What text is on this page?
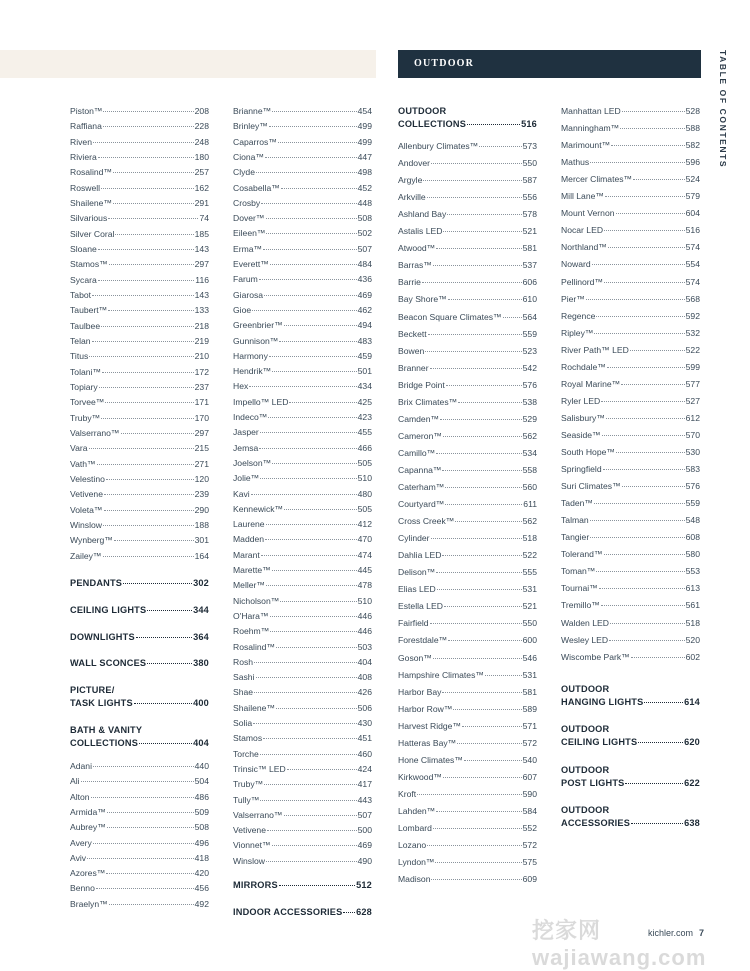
OUTDOOR	TABLE OF CONTENTS
Piston™	208
Raffiana	228
Riven	248
Riviera	180
Rosalind™	257
Roswell	162
Shailene™	291
Silvarious	74
Silver Coral	185
Sloane	143
Stamos™	297
Sycara	116
Tabot	143
Taubert™	133
Taulbee	218
Telan	219
Titus	210
Tolani™	172
Topiary	237
Torvee™	171
Truby™	170
Valserrano™	297
Vara	215
Vath™	271
Velestino	120
Vetivene	239
Voleta™	290
Winslow	188
Wynberg™	301
Zailey™	164
PENDANTS	302
CEILING LIGHTS	344
DOWNLIGHTS	364
WALL SCONCES	380
PICTURE/
TASK LIGHTS	400
BATH & VANITY
COLLECTIONS	404
Adani	440
Ali	504
Alton	486
Armida™	509
Aubrey™	508
Avery	496
Aviv	418
Azores™	420
Benno	456
Braelyn™	492
Brianne™	454
Brinley™	499
Caparros™	499
Ciona™	447
Clyde	498
Cosabella™	452
Crosby	448
Dover™	508
Eileen™	502
Erma™	507
Everett™	484
Farum	436
Giarosa	469
Gioe	462
Greenbrier™	494
Gunnison™	483
Harmony	459
Hendrik™	501
Hex	434
Impello™ LED	425
Indeco™	423
Jasper	455
Jemsa	466
Joelson™	505
Jolie™	510
Kavi	480
Kennewick™	505
Laurene	412
Madden	470
Marant	474
Marette™	445
Meller™	478
Nicholson™	510
O'Hara™	446
Roehm™	446
Rosalind™	503
Rosh	404
Sashi	408
Shae	426
Shailene™	506
Solia	430
Stamos	451
Torche	460
Trinsic™ LED	424
Truby™	417
Tully™	443
Valserrano™	507
Vetivene	500
Vionnet™	469
Winslow	490
MIRRORS	512
INDOOR ACCESSORIES 628
OUTDOOR
COLLECTIONS	516
Allenbury Climates™	573
Andover	550
Argyle	587
Arkville	556
Ashland Bay	578
Astalis LED	521
Atwood™	581
Barras™	537
Barrie	606
Bay Shore™	610
Beacon Square Climates™ 564
Beckett	559
Bowen	523
Branner	542
Bridge Point	576
Brix Climates™	538
Camden™	529
Cameron™	562
Camillo™	534
Capanna™	558
Caterham™	560
Courtyard™	611
Cross Creek™	562
Cylinder	518
Dahlia LED	522
Delison™	555
Elias LED	531
Estella LED	521
Fairfield	550
Forestdale™	600
Goson™	546
Hampshire Climates™	531
Harbor Bay	581
Harbor Row™	589
Harvest Ridge™	571
Hatteras Bay™	572
Hone Climates™	540
Kirkwood™	607
Kroft	590
Lahden™	584
Lombard	552
Lozano	572
Lyndon™	575
Madison	609
Manhattan LED	528
Manningham™	588
Marimount™	582
Mathus	596
Mercer Climates™	524
Mill Lane™	579
Mount Vernon	604
Nocar LED	516
Northland™	574
Noward	554
Pellinord™	574
Pier™	568
Regence	592
Ripley™	532
River Path™ LED	522
Rochdale™	599
Royal Marine™	577
Ryler LED	527
Salisbury™	612
Seaside™	570
South Hope™	530
Springfield	583
Suri Climates™	576
Taden™	559
Talman	548
Tangier	608
Tolerand™	580
Toman™	553
Tournai™	613
Tremillo™	561
Walden LED	518
Wesley LED	520
Wiscombe Park™	602
OUTDOOR
HANGING LIGHTS	614
OUTDOOR
CEILING LIGHTS	620
OUTDOOR
POST LIGHTS	622
OUTDOOR
ACCESSORIES	638
kichler.com 7
挖家网 wajiawang.com
